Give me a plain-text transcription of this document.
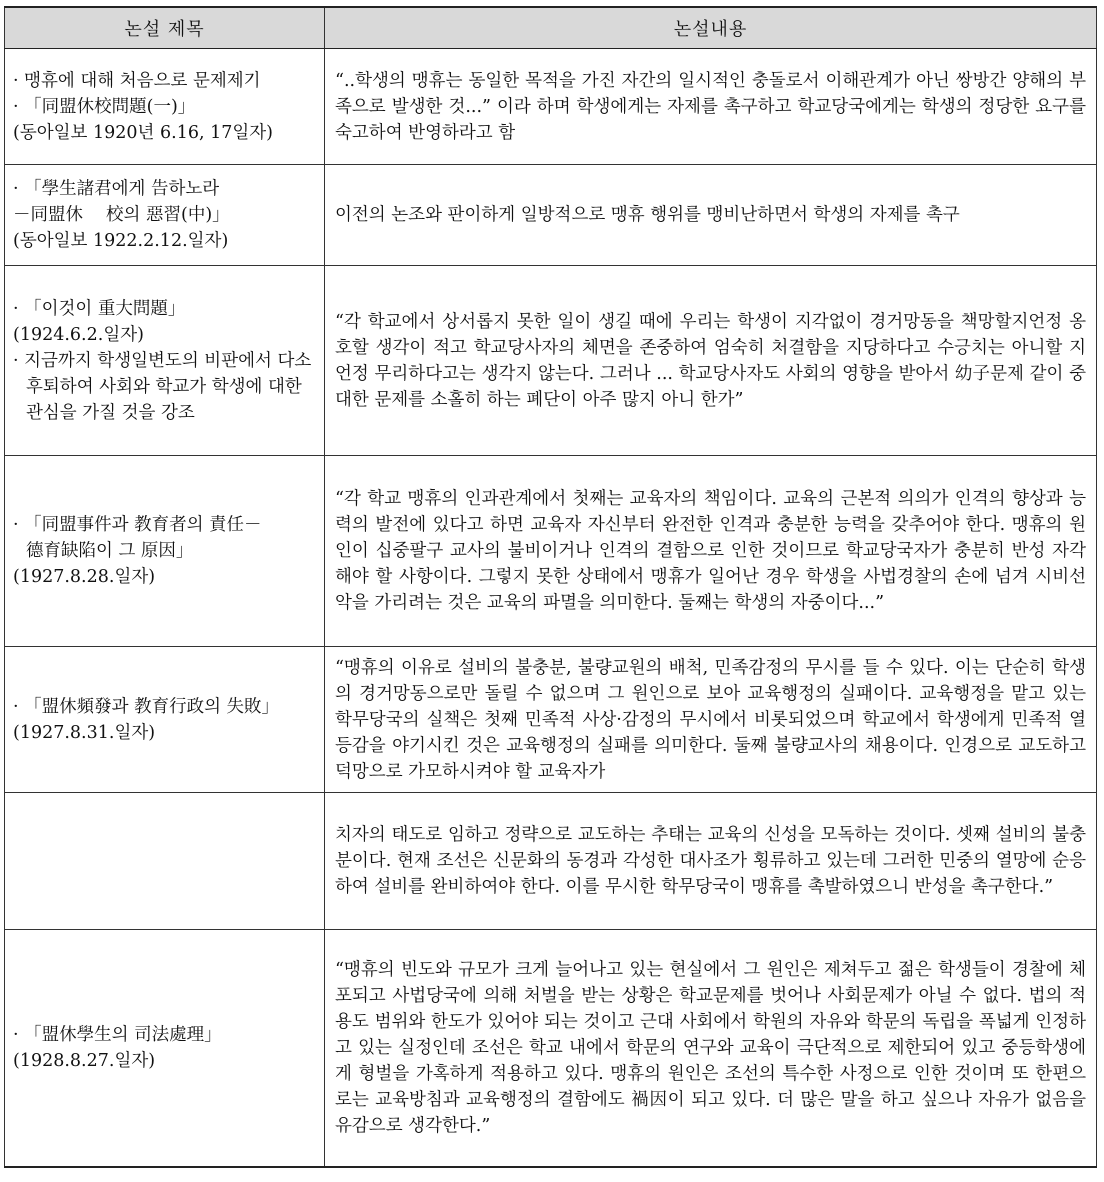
논설 제목	논설내용

· 맹휴에 대해 처음으로 문제제기
· 「同盟休校問題(一)」
(동아일보 1920년 6.16, 17일자)	“..학생의 맹휴는 동일한 목적을 가진 자간의 일시적인 충돌로서 이해관계가 아닌 쌍방간 양해의 부족으로 발생한 것...” 이라 하며 학생에게는 자제를 촉구하고 학교당국에게는 학생의 정당한 요구를 숙고하여 반영하라고 함

· 「學生諸君에게 告하노라
－同盟休　 校의 惡習(中)」
(동아일보 1922.2.12.일자)	이전의 논조와 판이하게 일방적으로 맹휴 행위를 맹비난하면서 학생의 자제를 촉구

· 「이것이 重大問題」
(1924.6.2.일자)
· 지금까지 학생일변도의 비판에서 다소 후퇴하여 사회와 학교가 학생에 대한 관심을 가질 것을 강조	“각 학교에서 상서롭지 못한 일이 생길 때에 우리는 학생이 지각없이 경거망동을 책망할지언정 옹호할 생각이 적고 학교당사자의 체면을 존중하여 엄숙히 처결함을 지당하다고 수긍치는 아니할 지언정 무리하다고는 생각지 않는다. 그러나 ... 학교당사자도 사회의 영향을 받아서 幼子문제 같이 중대한 문제를 소홀히 하는 폐단이 아주 많지 아니 한가”

· 「同盟事件과 教育者의 責任－德育缺陷이 그 原因」
(1927.8.28.일자)	“각 학교 맹휴의 인과관계에서 첫째는 교육자의 책임이다. 교육의 근본적 의의가 인격의 향상과 능력의 발전에 있다고 하면 교육자 자신부터 완전한 인격과 충분한 능력을 갖추어야 한다. 맹휴의 원인이 십중팔구 교사의 불비이거나 인격의 결함으로 인한 것이므로 학교당국자가 충분히 반성 자각해야 할 사항이다. 그렇지 못한 상태에서 맹휴가 일어난 경우 학생을 사법경찰의 손에 넘겨 시비선악을 가리려는 것은 교육의 파멸을 의미한다. 둘째는 학생의 자중이다...”

· 「盟休頻發과 教育行政의 失敗」
(1927.8.31.일자)	“맹휴의 이유로 설비의 불충분, 불량교원의 배척, 민족감정의 무시를 들 수 있다. 이는 단순히 학생의 경거망동으로만 돌릴 수 없으며 그 원인으로 보아 교육행정의 실패이다. 교육행정을 맡고 있는 학무당국의 실책은 첫째 민족적 사상·감정의 무시에서 비롯되었으며 학교에서 학생에게 민족적 열등감을 야기시킨 것은 교육행정의 실패를 의미한다. 둘째 불량교사의 채용이다. 인경으로 교도하고 덕망으로 가모하시켜야 할 교육자가
	치자의 태도로 임하고 정략으로 교도하는 추태는 교육의 신성을 모독하는 것이다. 셋째 설비의 불충분이다. 현재 조선은 신문화의 동경과 각성한 대사조가 횡류하고 있는데 그러한 민중의 열망에 순응하여 설비를 완비하여야 한다. 이를 무시한 학무당국이 맹휴를 촉발하였으니 반성을 촉구한다.”

· 「盟休學生의 司法處理」
(1928.8.27.일자)	“맹휴의 빈도와 규모가 크게 늘어나고 있는 현실에서 그 원인은 제쳐두고 젊은 학생들이 경찰에 체포되고 사법당국에 의해 처벌을 받는 상황은 학교문제를 벗어나 사회문제가 아닐 수 없다. 법의 적용도 범위와 한도가 있어야 되는 것이고 근대 사회에서 학원의 자유와 학문의 독립을 폭넓게 인정하고 있는 실정인데 조선은 학교 내에서 학문의 연구와 교육이 극단적으로 제한되어 있고 중등학생에게 형벌을 가혹하게 적용하고 있다. 맹휴의 원인은 조선의 특수한 사정으로 인한 것이며 또 한편으로는 교육방침과 교육행정의 결함에도 禍因이 되고 있다. 더 많은 말을 하고 싶으나 자유가 없음을 유감으로 생각한다.”
